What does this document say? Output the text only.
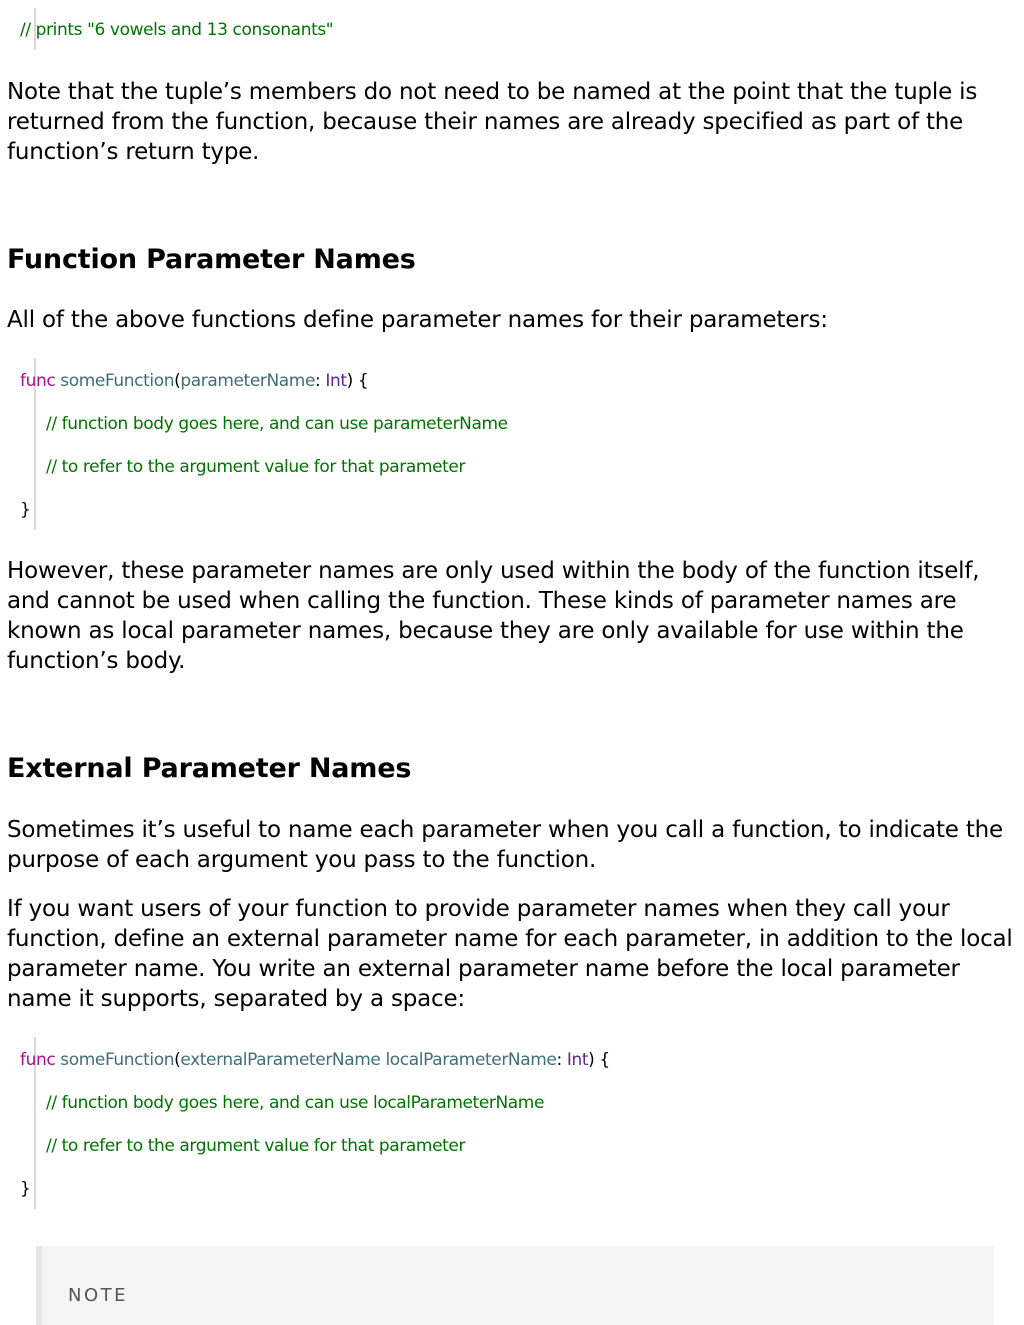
// prints "6 vowels and 13 consonants"

Note that the tuple’s members do not need to be named at the point that the tuple is returned from the function, because their names are already specified as part of the function’s return type.

Function Parameter Names

All of the above functions define parameter names for their parameters:

func someFunction(parameterName: Int) {
// function body goes here, and can use parameterName
// to refer to the argument value for that parameter
}

However, these parameter names are only used within the body of the function itself, and cannot be used when calling the function. These kinds of parameter names are known as local parameter names, because they are only available for use within the function’s body.

External Parameter Names

Sometimes it’s useful to name each parameter when you call a function, to indicate the purpose of each argument you pass to the function.

If you want users of your function to provide parameter names when they call your function, define an external parameter name for each parameter, in addition to the local parameter name. You write an external parameter name before the local parameter name it supports, separated by a space:

func someFunction(externalParameterName localParameterName: Int) {
// function body goes here, and can use localParameterName
// to refer to the argument value for that parameter
}
NOTE
